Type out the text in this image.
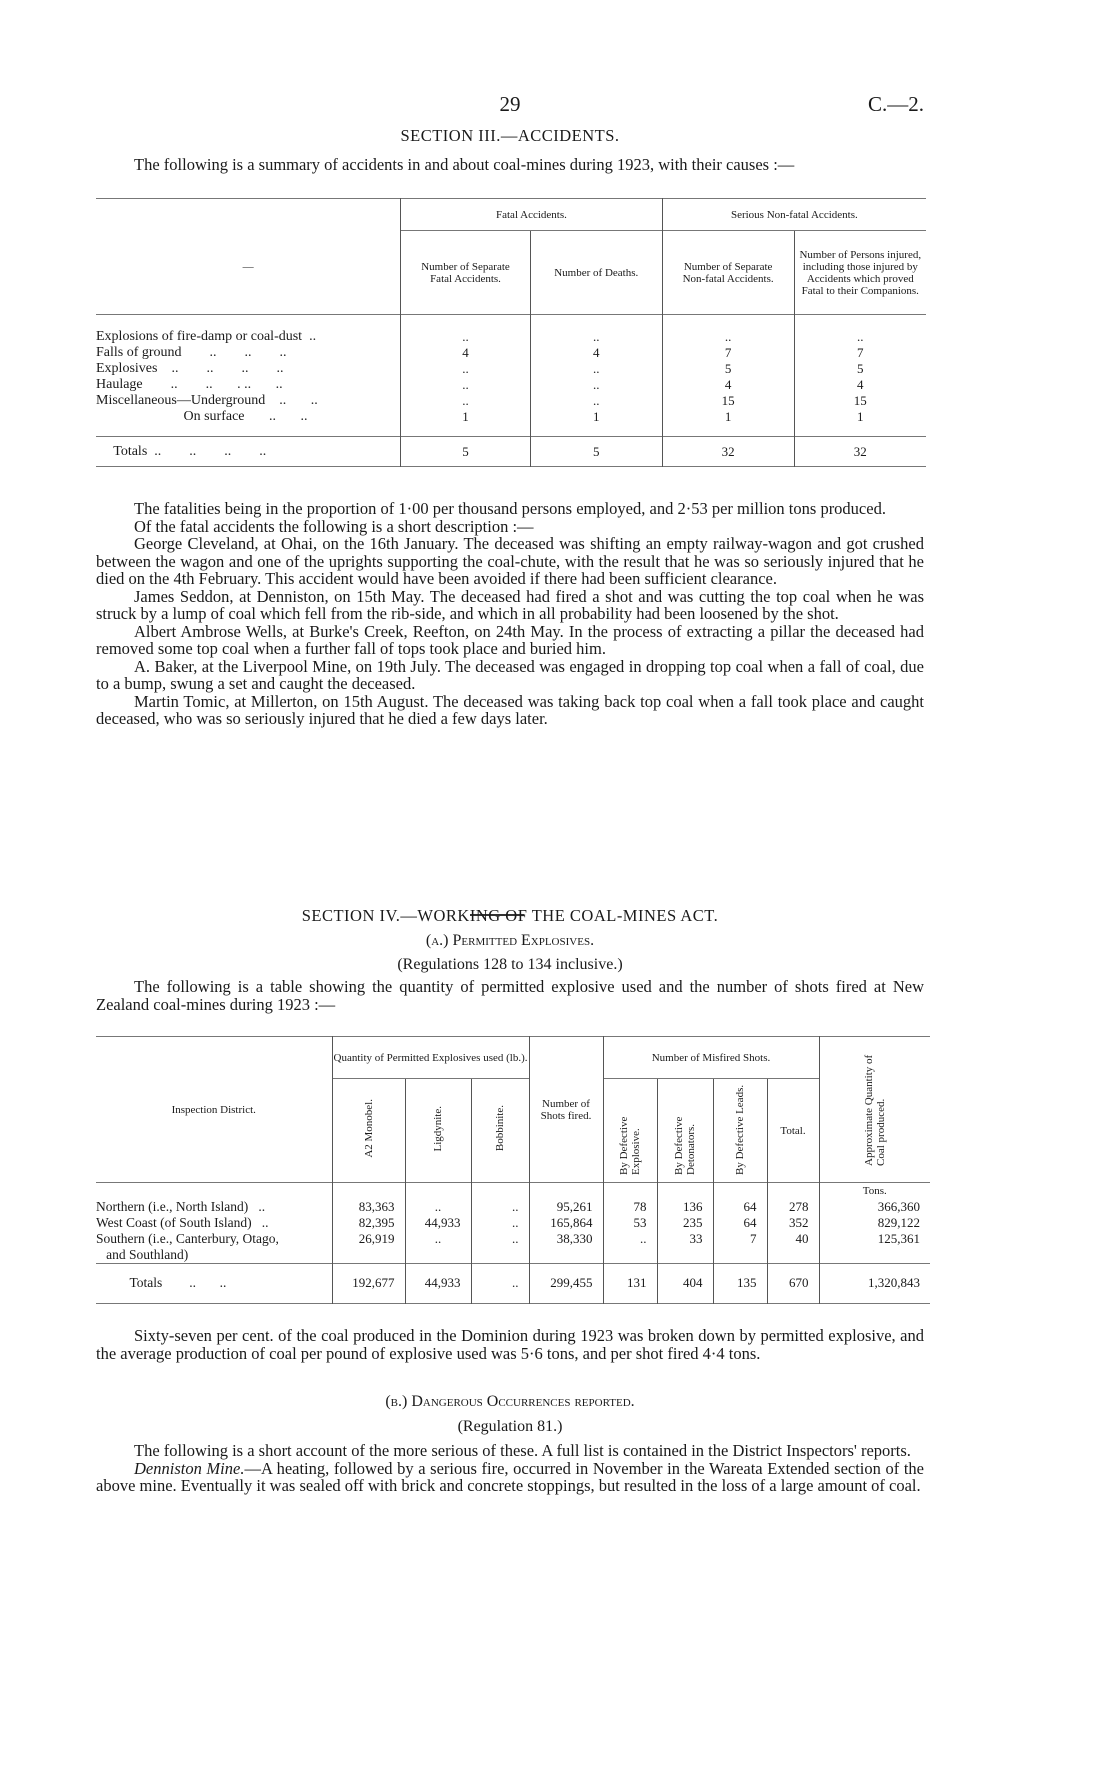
29	C.—2.
SECTION III.—ACCIDENTS.

The following is a summary of accidents in and about coal-mines during 1923, with their causes :—

—	Fatal Accidents.		Serious Non-fatal Accidents.	
	Number of Separate Fatal Accidents.	Number of Deaths.	Number of Separate Non-fatal Accidents.	Number of Persons injured, including those injured by Accidents which proved Fatal to their Companions.

Explosions of fire-damp or coal-dust  ..	..	..	..	..
Falls of ground        ..        ..        ..	4	4	7	7
Explosives    ..        ..        ..        ..	..	..	5	5
Haulage        ..        ..       . ..       ..	..	..	4	4
Miscellaneous—Underground    ..       ..	..	..	15	15
On surface       ..       ..	1	1	1	1

Totals  ..        ..        ..        ..	5	5	32	32

The fatalities being in the proportion of 1·00 per thousand persons employed, and 2·53 per million tons produced.

Of the fatal accidents the following is a short description :—

George Cleveland, at Ohai, on the 16th January. The deceased was shifting an empty railway-wagon and got crushed between the wagon and one of the uprights supporting the coal-chute, with the result that he was so seriously injured that he died on the 4th February. This accident would have been avoided if there had been sufficient clearance.

James Seddon, at Denniston, on 15th May. The deceased had fired a shot and was cutting the top coal when he was struck by a lump of coal which fell from the rib-side, and which in all probability had been loosened by the shot.

Albert Ambrose Wells, at Burke's Creek, Reefton, on 24th May. In the process of extracting a pillar the deceased had removed some top coal when a further fall of tops took place and buried him.

A. Baker, at the Liverpool Mine, on 19th July. The deceased was engaged in dropping top coal when a fall of coal, due to a bump, swung a set and caught the deceased.

Martin Tomic, at Millerton, on 15th August. The deceased was taking back top coal when a fall took place and caught deceased, who was so seriously injured that he died a few days later.

SECTION IV.—WORKING OF THE COAL-MINES ACT.
(a.) Permitted Explosives.
(Regulations 128 to 134 inclusive.)

The following is a table showing the quantity of permitted explosive used and the number of shots fired at New Zealand coal-mines during 1923 :—

Inspection District.	Quantity of Permitted Explosives used (lb.).			Number of Shots fired.	Number of Misfired Shots.				Approximate Quantity of Coal produced.
	A2 Monobel.	Ligdynite.	Bobbinite.		By Defective Explosive.	By Defective Detonators.	By Defective Leads.	Total.	
									Tons.
Northern (i.e., North Island)   ..	83,363	..	..	95,261	78	136	64	278	366,360
West Coast (of South Island)   ..	82,395	44,933	..	165,864	53	235	64	352	829,122
Southern (i.e., Canterbury, Otago,
and Southland)	26,919	..	..	38,330	..	33	7	40	125,361
Totals        ..       ..	192,677	44,933	..	299,455	131	404	135	670	1,320,843

Sixty-seven per cent. of the coal produced in the Dominion during 1923 was broken down by permitted explosive, and the average production of coal per pound of explosive used was 5·6 tons, and per shot fired 4·4 tons.

(b.) Dangerous Occurrences reported.
(Regulation 81.)

The following is a short account of the more serious of these. A full list is contained in the District Inspectors' reports.

Denniston Mine.—A heating, followed by a serious fire, occurred in November in the Wareata Extended section of the above mine. Eventually it was sealed off with brick and concrete stoppings, but resulted in the loss of a large amount of coal.
